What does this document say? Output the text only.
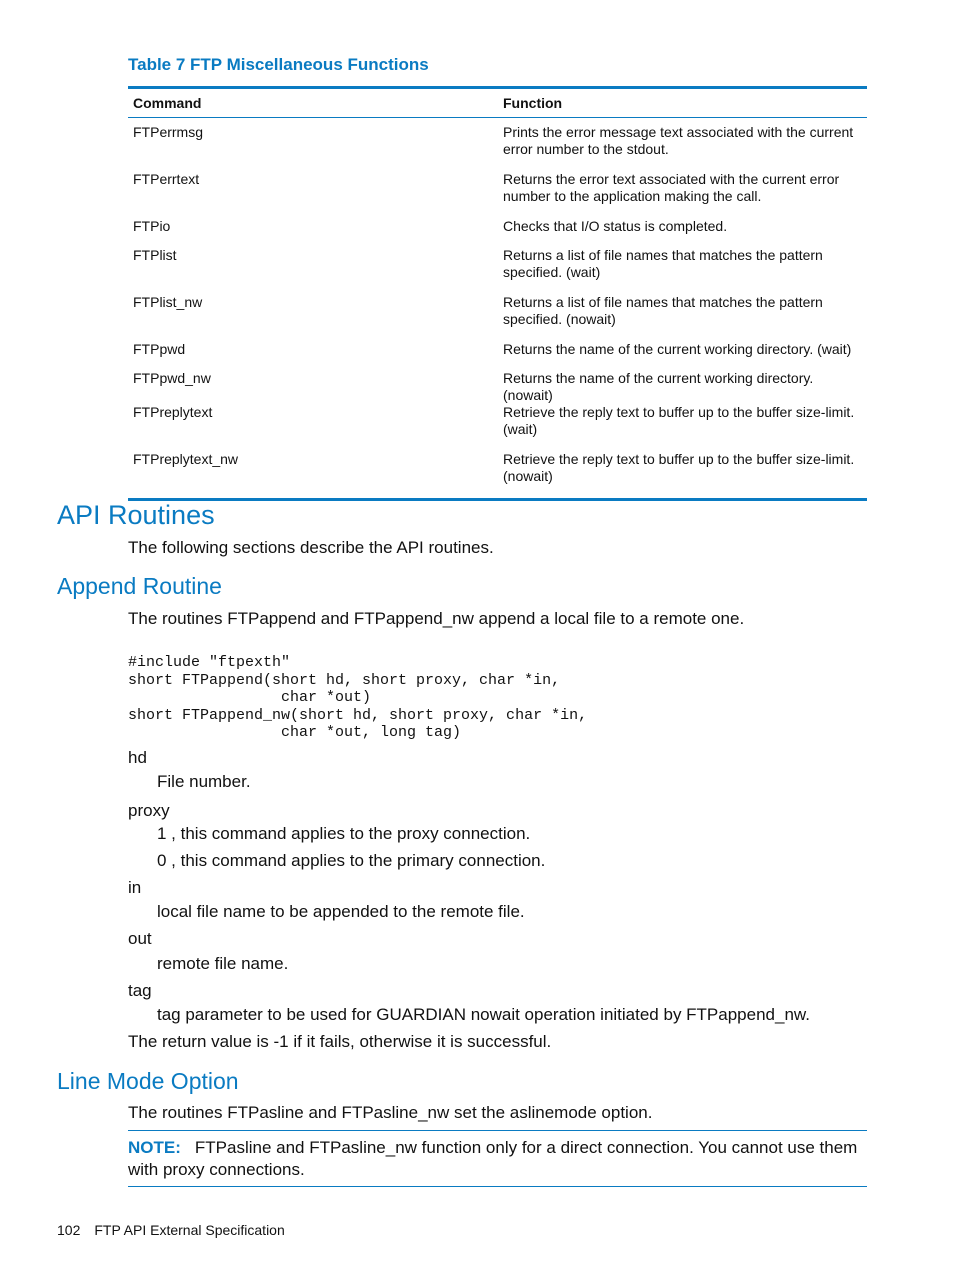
Table 7 FTP Miscellaneous Functions
Command	Function
FTPerrmsg	Prints the error message text associated with the current error number to the stdout.
FTPerrtext	Returns the error text associated with the current error number to the application making the call.
FTPio	Checks that I/O status is completed.
FTPlist	Returns a list of file names that matches the pattern specified. (wait)
FTPlist_nw	Returns a list of file names that matches the pattern specified. (nowait)
FTPpwd	Returns the name of the current working directory. (wait)
FTPpwd_nw	Returns the name of the current working directory. (nowait)
FTPreplytext	Retrieve the reply text to buffer up to the buffer size-limit. (wait)
FTPreplytext_nw	Retrieve the reply text to buffer up to the buffer size-limit.(nowait)

API Routines

The following sections describe the API routines.

Append Routine

The routines FTPappend and FTPappend_nw append a local file to a remote one.

#include "ftpexth"
short FTPappend(short hd, short proxy, char *in,
char *out)
short FTPappend_nw(short hd, short proxy, char *in,
char *out, long tag)

hd

File number.

proxy

1 , this command applies to the proxy connection.

0 , this command applies to the primary connection.

in

local file name to be appended to the remote file.

out

remote file name.

tag

tag parameter to be used for GUARDIAN nowait operation initiated by FTPappend_nw.

The return value is -1 if it fails, otherwise it is successful.

Line Mode Option

The routines FTPasline and FTPasline_nw set the aslinemode option.

NOTE: FTPasline and FTPasline_nw function only for a direct connection. You cannot use them with proxy connections.
102 FTP API External Specification
